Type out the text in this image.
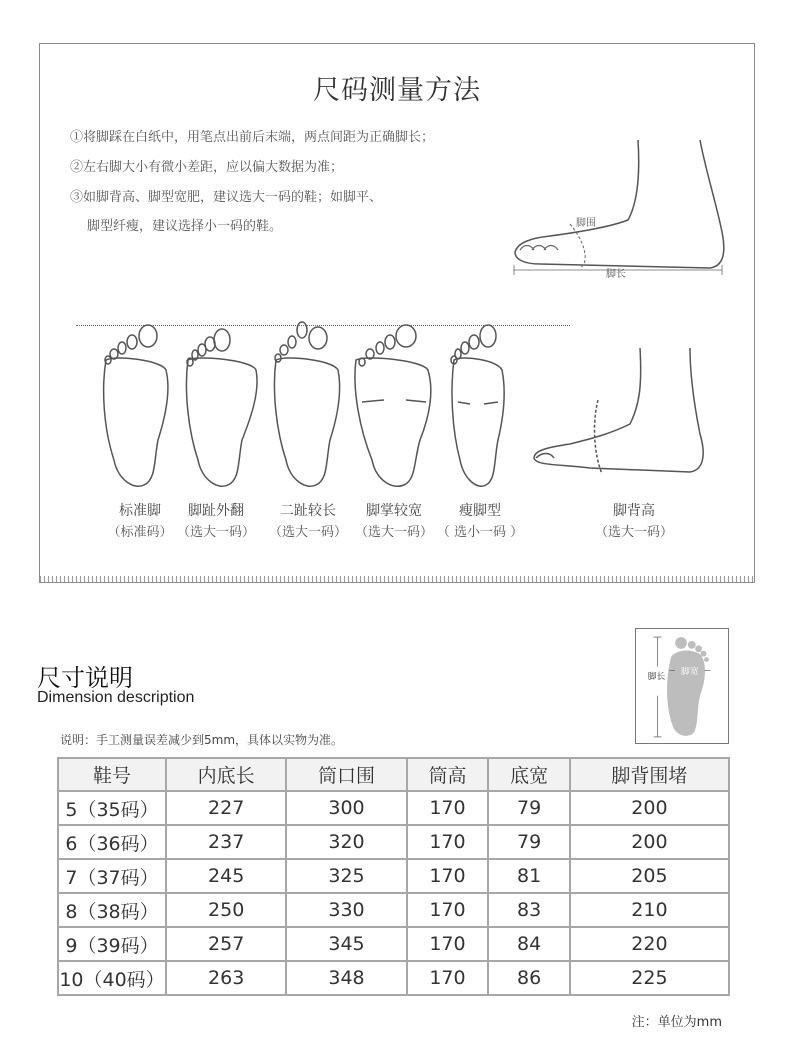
尺码测量方法
①将脚踩在白纸中，用笔点出前后末端，两点间距为正确脚长；
②左右脚大小有微小差距，应以偏大数据为准；
③如脚背高、脚型宽肥，建议选大一码的鞋；如脚平、
脚型纤瘦，建议选择小一码的鞋。	脚围
脚长
标准脚
（标准码）
脚趾外翻
（选大一码）
二趾较长
（选大一码）
脚掌较宽
（选大一码）
瘦脚型
（ 选小一码 ）
脚背高
（选大一码）
尺寸说明
Dimension description
脚长 脚宽
说明：手工测量误差减少到5mm，具体以实物为准。
鞋号	内底长	筒口围	筒高	底宽	脚背围堵
5（35码）	227	300	170	79	200
6（36码）	237	320	170	79	200
7（37码）	245	325	170	81	205
8（38码）	250	330	170	83	210
9（39码）	257	345	170	84	220
10（40码）	263	348	170	86	225
注：单位为mm
